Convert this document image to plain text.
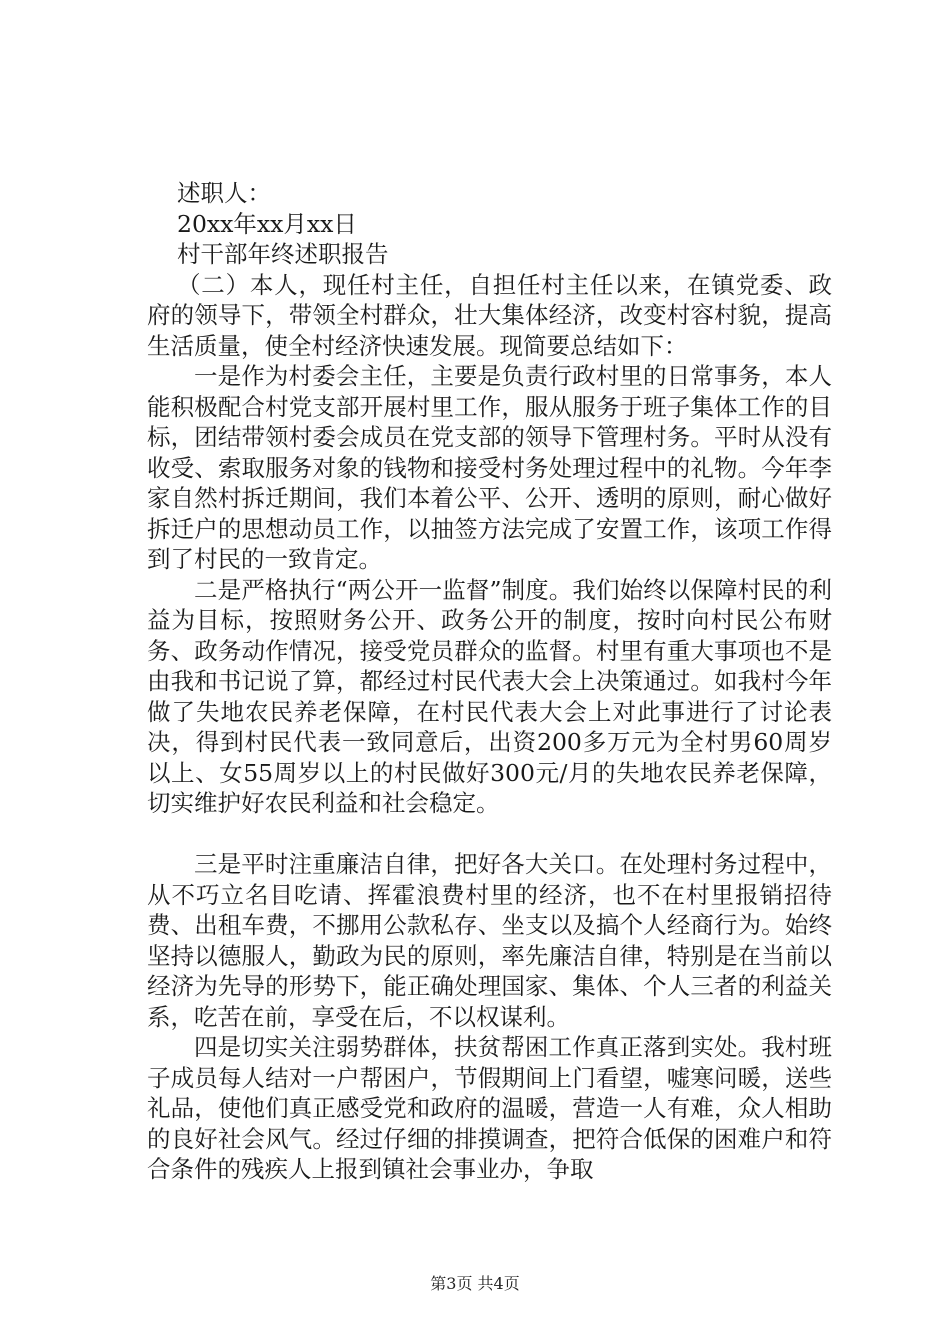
述职人：
20xx年xx月xx日
村干部年终述职报告

（二）本人，现任村主任，自担任村主任以来，在镇党委、政府的领导下，带领全村群众，壮大集体经济，改变村容村貌，提高生活质量，使全村经济快速发展。现简要总结如下：

一是作为村委会主任，主要是负责行政村里的日常事务，本人能积极配合村党支部开展村里工作，服从服务于班子集体工作的目标，团结带领村委会成员在党支部的领导下管理村务。平时从没有收受、索取服务对象的钱物和接受村务处理过程中的礼物。今年李家自然村拆迁期间，我们本着公平、公开、透明的原则，耐心做好拆迁户的思想动员工作，以抽签方法完成了安置工作，该项工作得到了村民的一致肯定。

二是严格执行“两公开一监督”制度。我们始终以保障村民的利益为目标，按照财务公开、政务公开的制度，按时向村民公布财务、政务动作情况，接受党员群众的监督。村里有重大事项也不是由我和书记说了算，都经过村民代表大会上决策通过。如我村今年做了失地农民养老保障，在村民代表大会上对此事进行了讨论表决，得到村民代表一致同意后，出资200多万元为全村男60周岁以上、女55周岁以上的村民做好300元/月的失地农民养老保障，切实维护好农民利益和社会稳定。

三是平时注重廉洁自律，把好各大关口。在处理村务过程中，从不巧立名目吃请、挥霍浪费村里的经济，也不在村里报销招待费、出租车费，不挪用公款私存、坐支以及搞个人经商行为。始终坚持以德服人，勤政为民的原则，率先廉洁自律，特别是在当前以经济为先导的形势下，能正确处理国家、集体、个人三者的利益关系，吃苦在前，享受在后，不以权谋利。

四是切实关注弱势群体，扶贫帮困工作真正落到实处。我村班子成员每人结对一户帮困户，节假期间上门看望，嘘寒问暖，送些礼品，使他们真正感受党和政府的温暖，营造一人有难，众人相助的良好社会风气。经过仔细的排摸调查，把符合低保的困难户和符合条件的残疾人上报到镇社会事业办，争取

第3页 共4页
